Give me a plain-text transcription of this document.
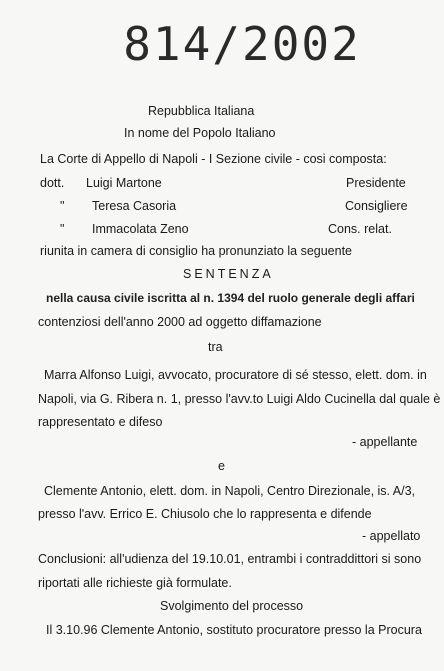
814/2002
Repubblica Italiana
In nome del Popolo Italiano
La Corte di Appello di Napoli - I Sezione civile - cosi composta:
dott. Luigi Martone	Presidente
" Teresa Casoria	Consigliere
" Immacolata Zeno	Cons. relat.
riunita in camera di consiglio ha pronunziato la seguente
SENTENZA
nella causa civile iscritta al n. 1394 del ruolo generale degli affari
contenziosi dell'anno 2000 ad oggetto diffamazione
tra
Marra Alfonso Luigi, avvocato, procuratore di sé stesso, elett. dom. in
Napoli, via G. Ribera n. 1, presso l'avv.to Luigi Aldo Cucinella dal quale è
rappresentato e difeso
- appellante
e
Clemente Antonio, elett. dom. in Napoli, Centro Direzionale, is. A/3,
presso l'avv. Errico E. Chiusolo che lo rappresenta e difende
- appellato
Conclusioni: all'udienza del 19.10.01, entrambi i contraddittori si sono
riportati alle richieste già formulate.
Svolgimento del processo
Il 3.10.96 Clemente Antonio, sostituto procuratore presso la Procura
